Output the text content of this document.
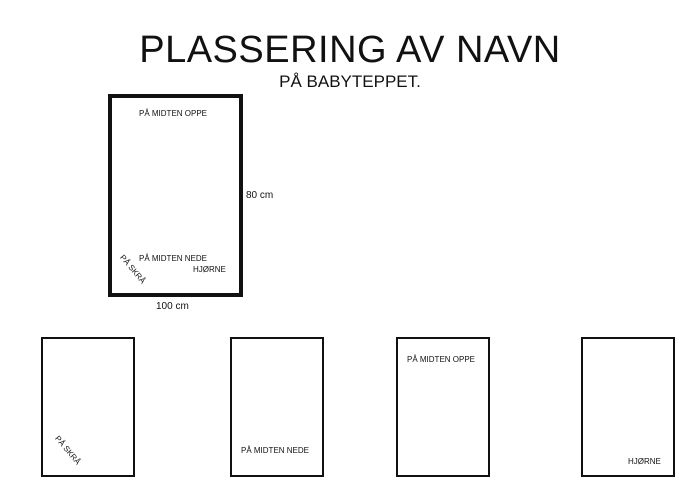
PLASSERING AV NAVN
PÅ BABYTEPPET.
PÅ MIDTEN OPPE
PÅ MIDTEN NEDE
HJØRNE
PÅ SKRÅ
80 cm
100 cm
PÅ SKRÅ	PÅ MIDTEN NEDE
PÅ MIDTEN OPPE
HJØRNE
